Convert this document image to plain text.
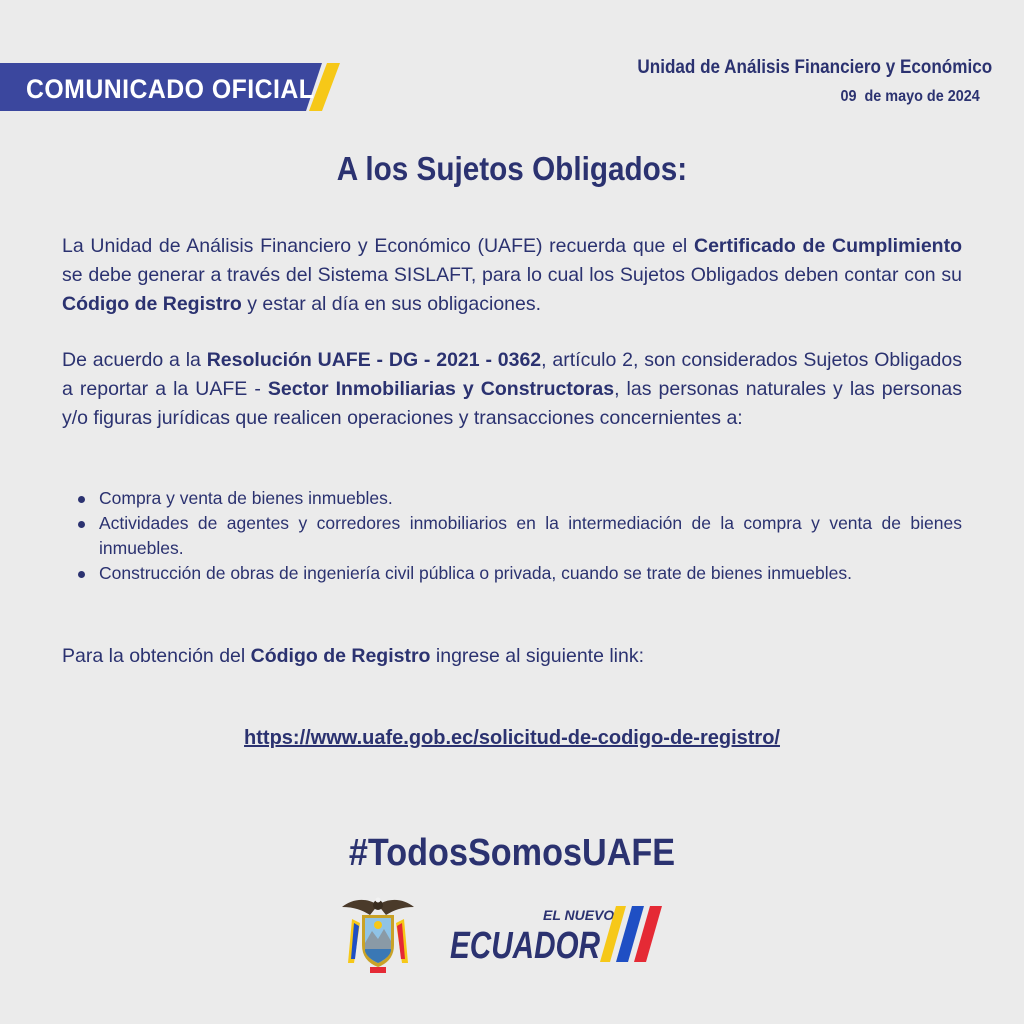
COMUNICADO OFICIAL
Unidad de Análisis Financiero y Económico
09  de mayo de 2024
A los Sujetos Obligados:
La Unidad de Análisis Financiero y Económico (UAFE) recuerda que el Certificado de Cumplimiento se debe generar a través del Sistema SISLAFT, para lo cual los Sujetos Obligados deben contar con su Código de Registro y estar al día en sus obligaciones.
De acuerdo a la Resolución UAFE - DG - 2021 - 0362, artículo 2, son considerados Sujetos Obligados a reportar a la UAFE - Sector Inmobiliarias y Constructoras, las personas naturales y las personas y/o figuras jurídicas que realicen operaciones y transacciones concernientes a:
Compra y venta de bienes inmuebles.
Actividades de agentes y corredores inmobiliarios en la intermediación de la compra y venta de bienes inmuebles.
Construcción de obras de ingeniería civil pública o privada, cuando se trate de bienes inmuebles.
Para la obtención del Código de Registro ingrese al siguiente link:
https://www.uafe.gob.ec/solicitud-de-codigo-de-registro/
#TodosSomosUAFE
EL NUEVO
ECUADOR
